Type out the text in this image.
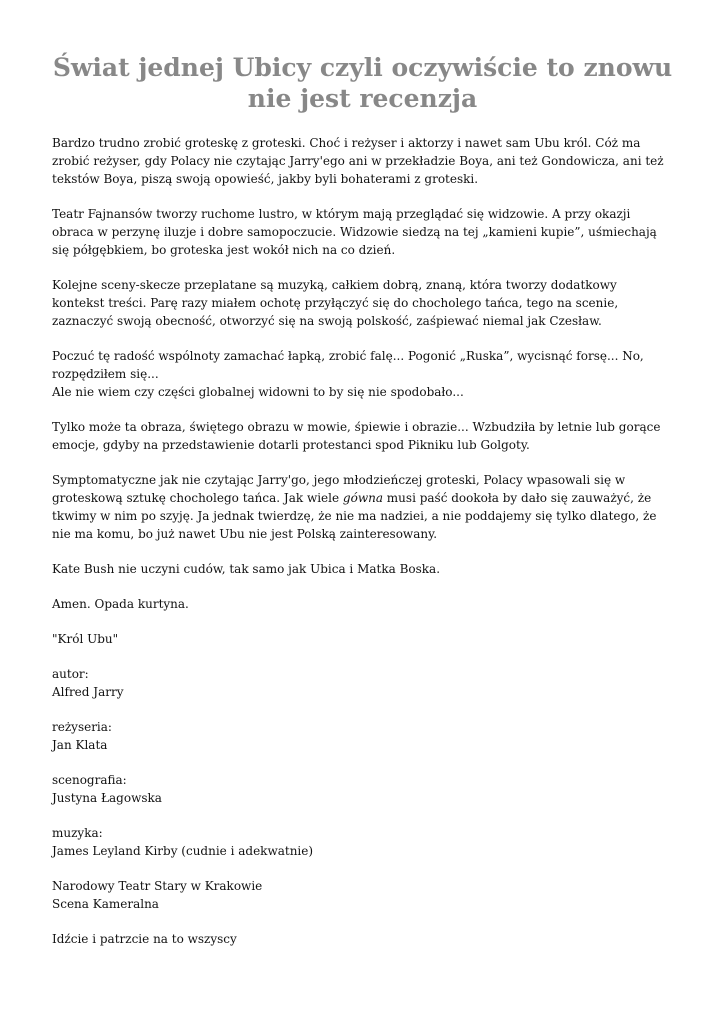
Świat jednej Ubicy czyli oczywiście to znowu nie jest recenzja

Bardzo trudno zrobić groteskę z groteski. Choć i reżyser i aktorzy i nawet sam Ubu król. Cóż ma zrobić reżyser, gdy Polacy nie czytając Jarry'ego ani w przekładzie Boya, ani też Gondowicza, ani też tekstów Boya, piszą swoją opowieść, jakby byli bohaterami z groteski.

Teatr Fajnansów tworzy ruchome lustro, w którym mają przeglądać się widzowie. A przy okazji obraca w perzynę iluzje i dobre samopoczucie. Widzowie siedzą na tej „kamieni kupie”, uśmiechają się półgębkiem, bo groteska jest wokół nich na co dzień.

Kolejne sceny-skecze przeplatane są muzyką, całkiem dobrą, znaną, która tworzy dodatkowy kontekst treści. Parę razy miałem ochotę przyłączyć się do chocholego tańca, tego na scenie, zaznaczyć swoją obecność, otworzyć się na swoją polskość, zaśpiewać niemal jak Czesław.

Poczuć tę radość wspólnoty zamachać łapką, zrobić falę... Pogonić „Ruska”, wycisnąć forsę... No, rozpędziłem się...

Ale nie wiem czy części globalnej widowni to by się nie spodobało...

Tylko może ta obraza, świętego obrazu w mowie, śpiewie i obrazie... Wzbudziła by letnie lub gorące emocje, gdyby na przedstawienie dotarli protestanci spod Pikniku lub Golgoty.

Symptomatyczne jak nie czytając Jarry'go, jego młodzieńczej groteski, Polacy wpasowali się w groteskową sztukę chocholego tańca. Jak wiele gówna musi paść dookoła by dało się zauważyć, że tkwimy w nim po szyję. Ja jednak twierdzę, że nie ma nadziei, a nie poddajemy się tylko dlatego, że nie ma komu, bo już nawet Ubu nie jest Polską zainteresowany.

Kate Bush nie uczyni cudów, tak samo jak Ubica i Matka Boska.

Amen. Opada kurtyna.

"Król Ubu"

autor:

Alfred Jarry

reżyseria:

Jan Klata

scenografia:

Justyna Łagowska

muzyka:

James Leyland Kirby (cudnie i adekwatnie)

Narodowy Teatr Stary w Krakowie

Scena Kameralna

Idźcie i patrzcie na to wszyscy
